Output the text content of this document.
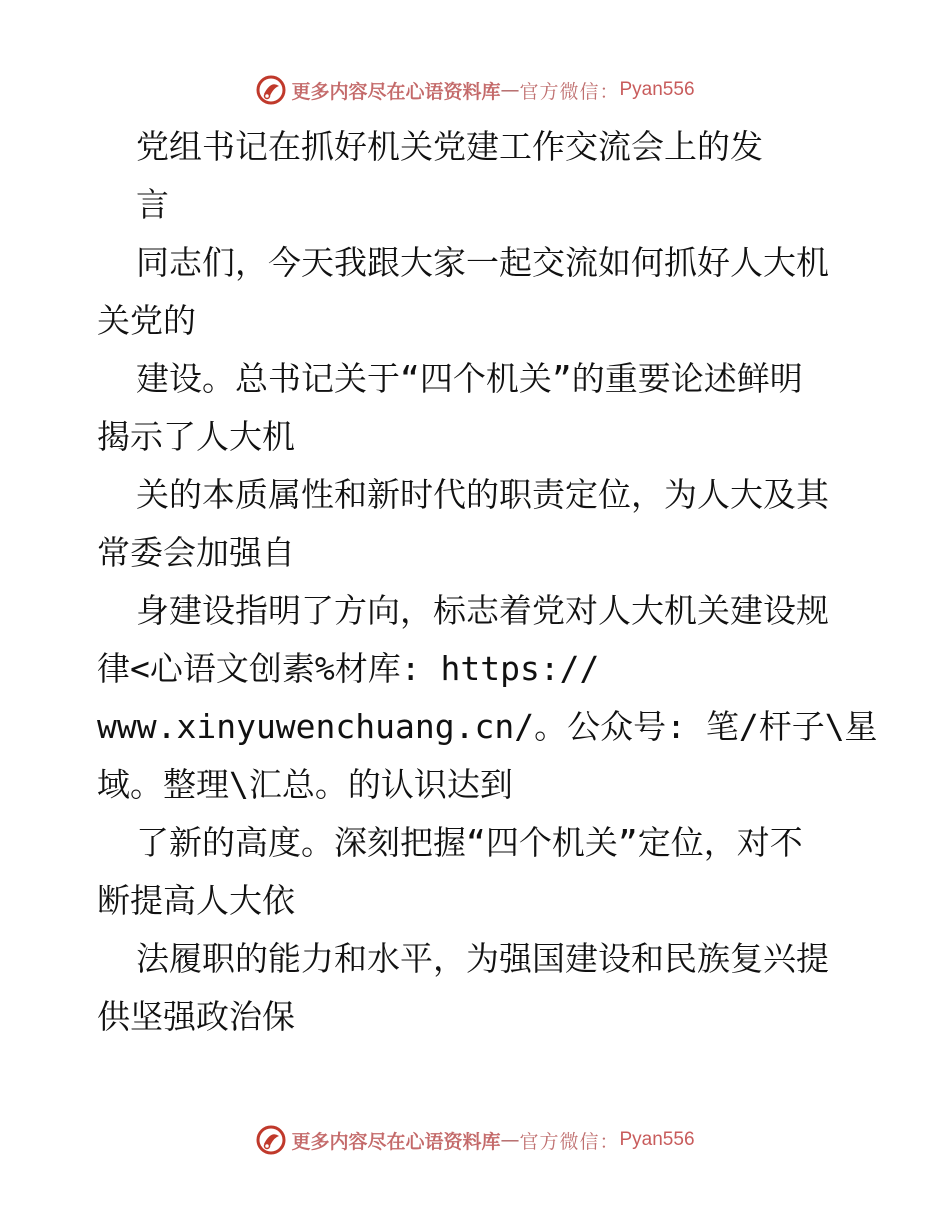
更多内容尽在心语资料库 — 官方微信： Pyan556
党组书记在抓好机关党建工作交流会上的发
言
同志们，今天我跟大家一起交流如何抓好人大机
关党的
建设。总书记关于“四个机关”的重要论述鲜明
揭示了人大机
关的本质属性和新时代的职责定位，为人大及其
常委会加强自
身建设指明了方向，标志着党对人大机关建设规
律<心语文创素%材库: https://
www.xinyuwenchuang.cn/。公众号: 笔/杆子\星
域。整理\汇总。的认识达到
了新的高度。深刻把握“四个机关”定位，对不
断提高人大依
法履职的能力和水平，为强国建设和民族复兴提
供坚强政治保
更多内容尽在心语资料库 — 官方微信： Pyan556
